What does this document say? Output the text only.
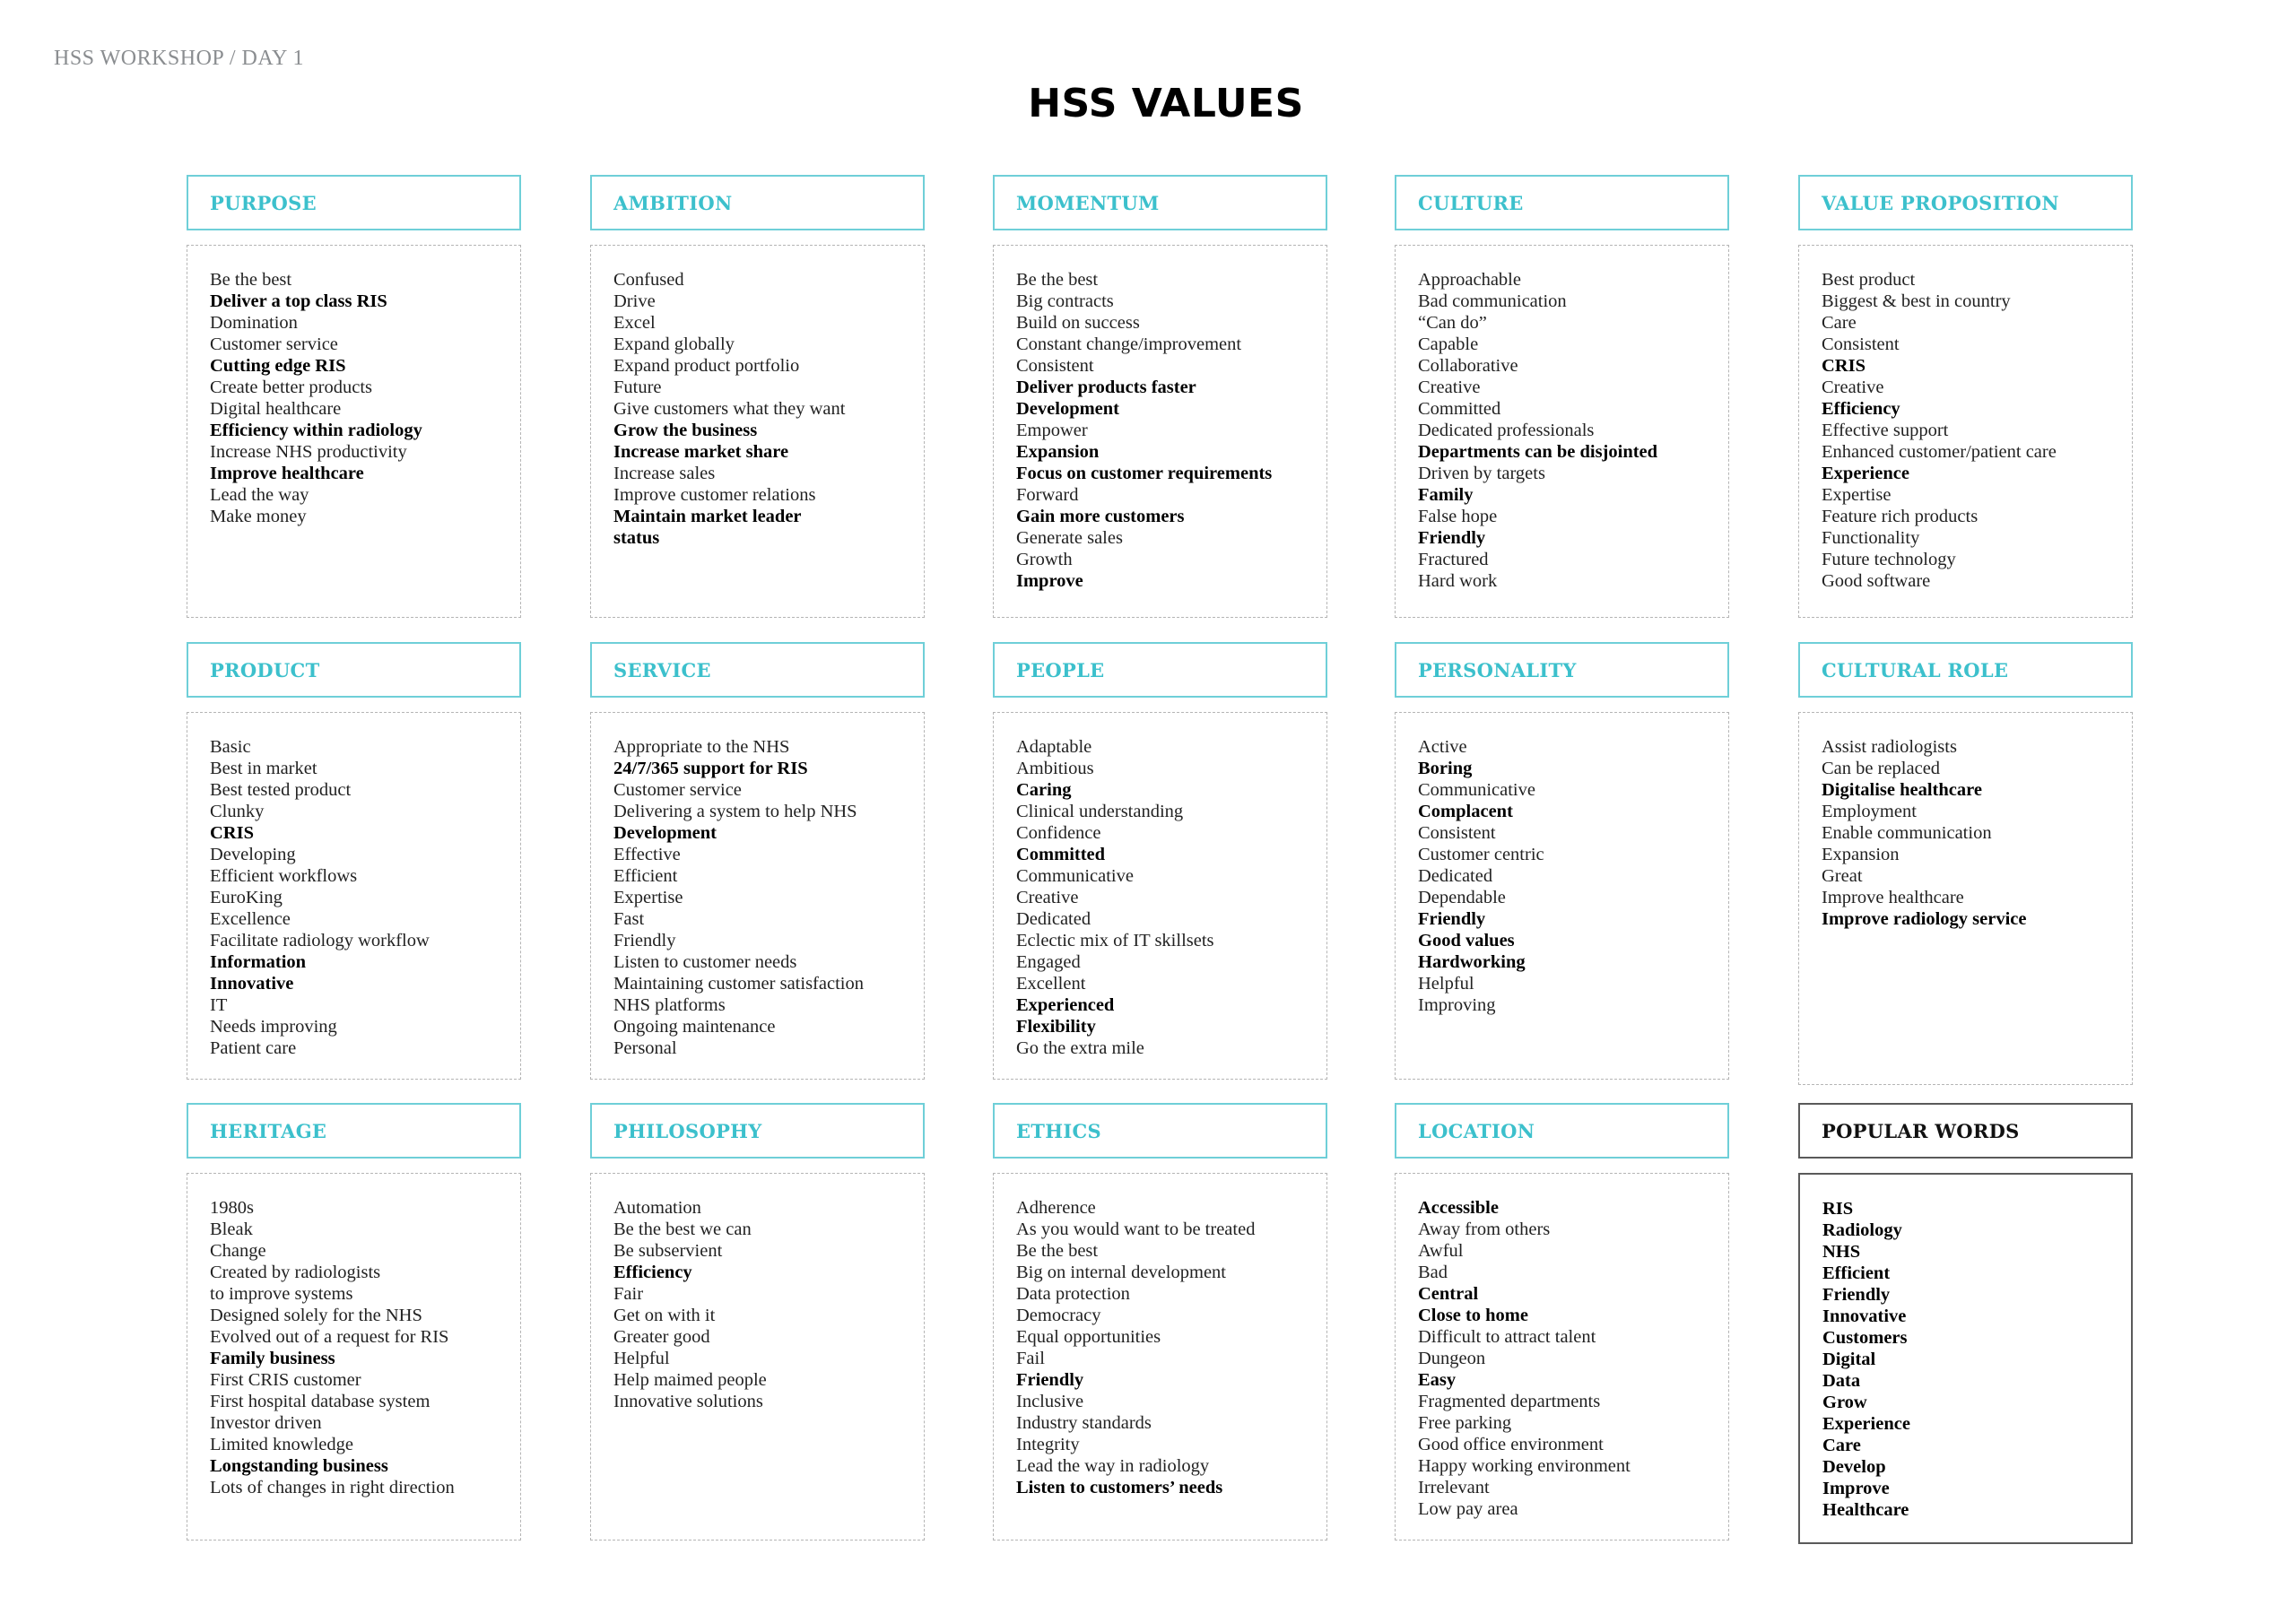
HSS WORKSHOP / DAY 1
HSS VALUES
PURPOSE
Be the best
Deliver a top class RIS
Domination
Customer service
Cutting edge RIS
Create better products
Digital healthcare
Efficiency within radiology
Increase NHS productivity
Improve healthcare
Lead the way
Make money
AMBITION
Confused
Drive
Excel
Expand globally
Expand product portfolio
Future
Give customers what they want
Grow the business
Increase market share
Increase sales
Improve customer relations
Maintain market leader
status
MOMENTUM
Be the best
Big contracts
Build on success
Constant change/improvement
Consistent
Deliver products faster
Development
Empower
Expansion
Focus on customer requirements
Forward
Gain more customers
Generate sales
Growth
Improve
CULTURE
Approachable
Bad communication
“Can do”
Capable
Collaborative
Creative
Committed
Dedicated professionals
Departments can be disjointed
Driven by targets
Family
False hope
Friendly
Fractured
Hard work
VALUE PROPOSITION
Best product
Biggest & best in country
Care
Consistent
CRIS
Creative
Efficiency
Effective support
Enhanced customer/patient care
Experience
Expertise
Feature rich products
Functionality
Future technology
Good software
PRODUCT
Basic
Best in market
Best tested product
Clunky
CRIS
Developing
Efficient workflows
EuroKing
Excellence
Facilitate radiology workflow
Information
Innovative
IT
Needs improving
Patient care
SERVICE
Appropriate to the NHS
24/7/365 support for RIS
Customer service
Delivering a system to help NHS
Development
Effective
Efficient
Expertise
Fast
Friendly
Listen to customer needs
Maintaining customer satisfaction
NHS platforms
Ongoing maintenance
Personal
PEOPLE
Adaptable
Ambitious
Caring
Clinical understanding
Confidence
Committed
Communicative
Creative
Dedicated
Eclectic mix of IT skillsets
Engaged
Excellent
Experienced
Flexibility
Go the extra mile
PERSONALITY
Active
Boring
Communicative
Complacent
Consistent
Customer centric
Dedicated
Dependable
Friendly
Good values
Hardworking
Helpful
Improving
CULTURAL ROLE
Assist radiologists
Can be replaced
Digitalise healthcare
Employment
Enable communication
Expansion
Great
Improve healthcare
Improve radiology service
HERITAGE
1980s
Bleak
Change
Created by radiologists
to improve systems
Designed solely for the NHS
Evolved out of a request for RIS
Family business
First CRIS customer
First hospital database system
Investor driven
Limited knowledge
Longstanding business
Lots of changes in right direction
PHILOSOPHY
Automation
Be the best we can
Be subservient
Efficiency
Fair
Get on with it
Greater good
Helpful
Help maimed people
Innovative solutions
ETHICS
Adherence
As you would want to be treated
Be the best
Big on internal development
Data protection
Democracy
Equal opportunities
Fail
Friendly
Inclusive
Industry standards
Integrity
Lead the way in radiology
Listen to customers’ needs
LOCATION
Accessible
Away from others
Awful
Bad
Central
Close to home
Difficult to attract talent
Dungeon
Easy
Fragmented departments
Free parking
Good office environment
Happy working environment
Irrelevant
Low pay area
POPULAR WORDS
RIS
Radiology
NHS
Efficient
Friendly
Innovative
Customers
Digital
Data
Grow
Experience
Care
Develop
Improve
Healthcare
